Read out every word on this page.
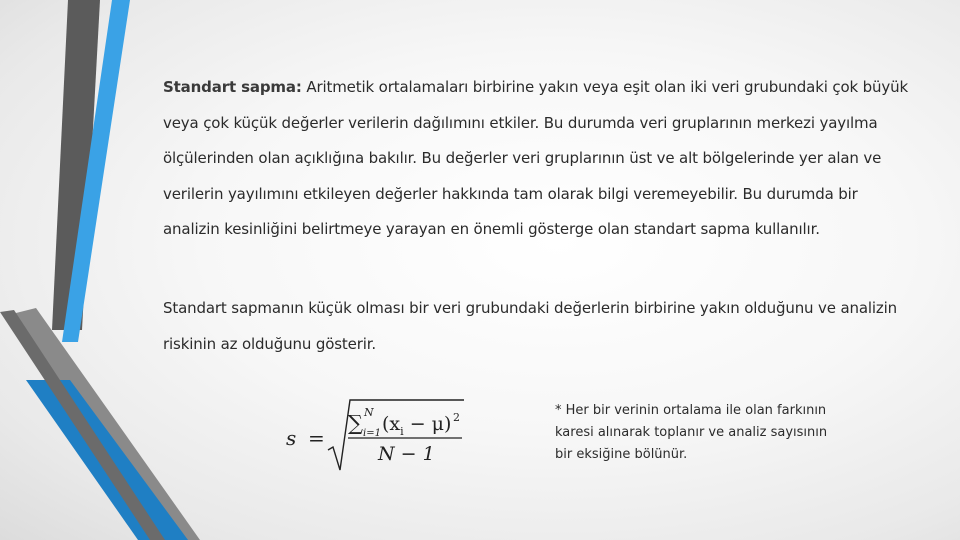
Standart sapma: Aritmetik ortalamaları birbirine yakın veya eşit olan iki veri grubundaki çok büyük veya çok küçük değerler verilerin dağılımını etkiler. Bu durumda veri gruplarının merkezi yayılma ölçülerinden olan açıklığına bakılır. Bu değerler veri gruplarının üst ve alt bölgelerinde yer alan ve verilerin yayılımını etkileyen değerler hakkında tam olarak bilgi veremeyebilir. Bu durumda bir analizin kesinliğini belirtmeye yarayan en önemli gösterge olan standart sapma kullanılır.
Standart sapmanın küçük olması bir veri grubundaki değerlerin birbirine yakın olduğunu ve analizin riskinin az olduğunu gösterir.
s =
∑ N
i=1 $(x_i - \mu)$ 2
N − 1
* Her bir verinin ortalama ile olan farkının
karesi alınarak toplanır ve analiz sayısının
bir eksiğine bölünür.
